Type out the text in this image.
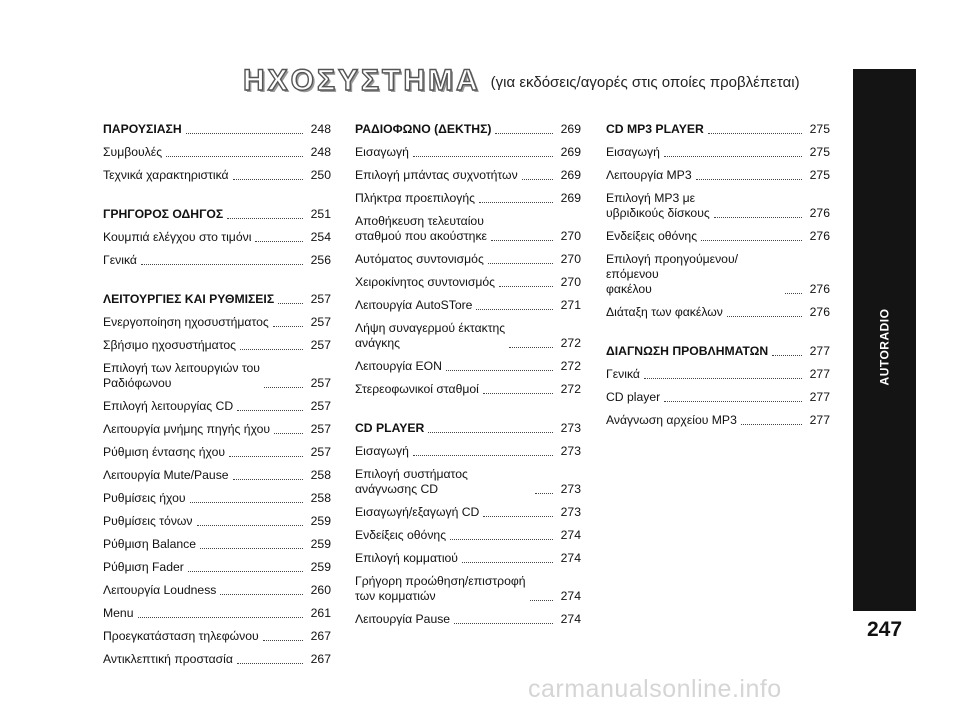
ΗΧΟΣΥΣΤΗΜΑ (για εκδόσεις/αγορές στις οποίες προβλέπεται)
ΠΑΡΟΥΣΙΑΣΗ	248
Συμβουλές	248
Τεχνικά χαρακτηριστικά	250
ΓΡΗΓΟΡΟΣ ΟΔΗΓΟΣ	251
Κουμπιά ελέγχου στο τιμόνι	254
Γενικά	256
ΛΕΙΤΟΥΡΓΙΕΣ ΚΑΙ ΡΥΘΜΙΣΕΙΣ	257
Ενεργοποίηση ηχοσυστήματος	257
Σβήσιμο ηχοσυστήματος	257
Επιλογή των λειτουργιών του
Ραδιόφωνου	257
Επιλογή λειτουργίας CD	257
Λειτουργία μνήμης πηγής ήχου	257
Ρύθμιση έντασης ήχου	257
Λειτουργία Mute/Pause	258
Ρυθμίσεις ήχου	258
Ρυθμίσεις τόνων	259
Ρύθμιση Balance	259
Ρύθμιση Fader	259
Λειτουργία Loudness	260
Menu	261
Προεγκατάσταση τηλεφώνου	267
Αντικλεπτική προστασία	267
ΡΑΔΙΟΦΩΝΟ (ΔΕΚΤΗΣ)	269
Εισαγωγή	269
Επιλογή μπάντας συχνοτήτων	269
Πλήκτρα προεπιλογής	269
Αποθήκευση τελευταίου
σταθμού που ακούστηκε	270
Αυτόματος συντονισμός	270
Χειροκίνητος συντονισμός	270
Λειτουργία AutoSTore	271
Λήψη συναγερμού έκτακτης
ανάγκης	272
Λειτουργία EON	272
Στερεοφωνικοί σταθμοί	272
CD PLAYER	273
Εισαγωγή	273
Επιλογή συστήματος ανάγνωσης CD	273
Εισαγωγή/εξαγωγή CD	273
Ενδείξεις οθόνης	274
Επιλογή κομματιού	274
Γρήγορη προώθηση/επιστροφή
των κομματιών	274
Λειτουργία Pause	274
CD MP3 PLAYER	275
Εισαγωγή	275
Λειτουργία MP3	275
Επιλογή MP3 με
υβριδικούς δίσκους	276
Ενδείξεις οθόνης	276
Επιλογή προηγούμενου/επόμενου
φακέλου	276
Διάταξη των φακέλων	276
ΔΙΑΓΝΩΣΗ ΠΡΟΒΛΗΜΑΤΩΝ	277
Γενικά	277
CD player	277
Ανάγνωση αρχείου MP3	277
AUTORADIO
247
carmanualsonline.info
